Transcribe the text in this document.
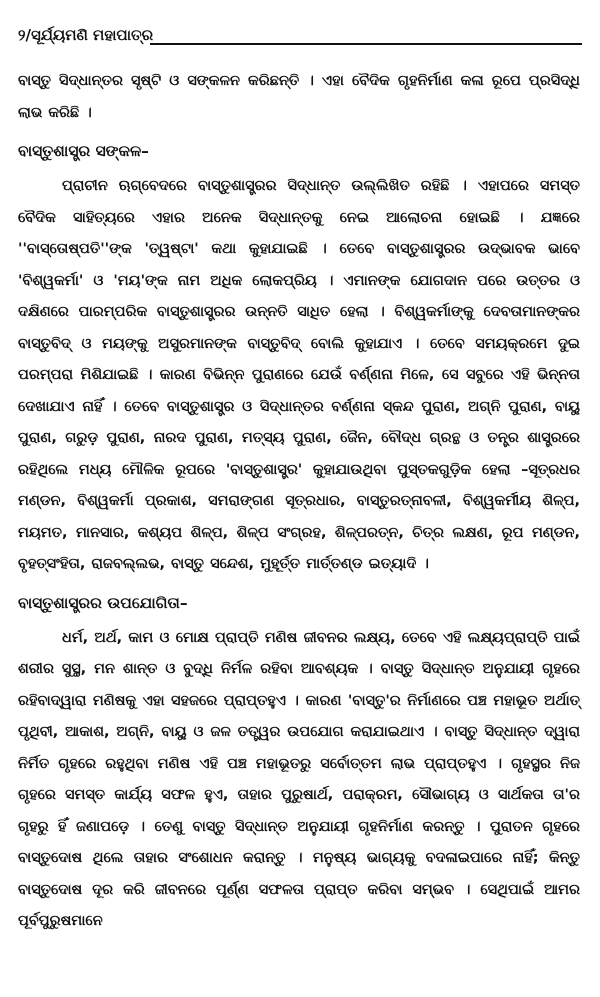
୨/ସୂର୍ଯ୍ୟମଣି ମହାପାତ୍ର

ବାସ୍ତୁ ସିଦ୍ଧାନ୍ତର ସୃଷ୍ଟି ଓ ସଙ୍କଳନ କରିଛନ୍ତି । ଏହା ବୈଦିକ ଗୃହନିର୍ମାଣ କଳା ରୂପେ ପ୍ରସିଦ୍ଧି ଲାଭ କରିଛି ।

ବାସ୍ତୁଶାସ୍ତ୍ର ସଙ୍କଳ–

ପ୍ରାଚୀନ ଋଗ୍‌ବେଦରେ ବାସ୍ତୁଶାସ୍ତ୍ରର ସିଦ୍ଧାନ୍ତ ଉଲ୍ଲିଖିତ ରହିଛି । ଏହାପରେ ସମସ୍ତ ବୈଦିକ ସାହିତ୍ୟରେ ଏହାର ଅନେକ ସିଦ୍ଧାନ୍ତକୁ ନେଇ ଆଲୋଚନା ହୋଇଛି । ଯଜ୍ଞରେ ''ବାସ୍ତୋଷ୍ପତି''ଙ୍କ 'ତ୍ୱଷ୍ଟା' କଥା କୁହାଯାଇଛି । ତେବେ ବାସ୍ତୁଶାସ୍ତ୍ରର ଉଦ୍‌ଭାବକ ଭାବେ 'ବିଶ୍ୱକର୍ମା' ଓ 'ମୟ'ଙ୍କ ନାମ ଅଧିକ ଲୋକପ୍ରିୟ । ଏମାନଙ୍କ ଯୋଗଦାନ ପରେ ଉତ୍ତର ଓ ଦକ୍ଷିଣରେ ପାରମ୍ପରିକ ବାସ୍ତୁଶାସ୍ତ୍ରର ଉନ୍ନତି ସାଧିତ ହେଲା । ବିଶ୍ୱକର୍ମାଙ୍କୁ ଦେବତାମାନଙ୍କର ବାସ୍ତୁବିଦ୍ ଓ ମୟଙ୍କୁ ଅସୁରମାନଙ୍କ ବାସ୍ତୁବିଦ୍ ବୋଲି କୁହାଯାଏ । ତେବେ ସମୟକ୍ରମେ ଦୁଇ ପରମ୍ପରା ମିଶିଯାଇଛି । କାରଣ ବିଭିନ୍ନ ପୁରାଣରେ ଯେଉଁ ବର୍ଣ୍ଣନା ମିଳେ, ସେ ସବୁରେ ଏହି ଭିନ୍ନତା ଦେଖାଯାଏ ନାହିଁ । ତେବେ ବାସ୍ତୁଶାସ୍ତ୍ର ଓ ସିଦ୍ଧାନ୍ତର ବର୍ଣ୍ଣନା ସ୍କନ୍ଦ ପୁରାଣ, ଅଗ୍ନି ପୁରାଣ, ବାୟୁ ପୁରାଣ, ଗରୁଡ଼ ପୁରାଣ, ନାରଦ ପୁରାଣ, ମତ୍ସ୍ୟ ପୁରାଣ, ଜୈନ, ବୌଦ୍ଧ ଗ୍ରନ୍ଥ ଓ ତନ୍ତ୍ର ଶାସ୍ତ୍ରରେ ରହିଥିଲେ ମଧ୍ୟ ମୌଳିକ ରୂପରେ 'ବାସ୍ତୁଶାସ୍ତ୍ର' କୁହାଯାଉଥିବା ପୁସ୍ତକଗୁଡ଼ିକ ହେଲା –ସୂତ୍ରଧର ମଣ୍ଡନ, ବିଶ୍ୱକର୍ମା ପ୍ରକାଶ, ସମରାଙ୍ଗଣ ସୂତ୍ରଧାର, ବାସ୍ତୁରତ୍ନାବଳୀ, ବିଶ୍ୱକର୍ମୀୟ ଶିଳ୍ପ, ମୟମତ, ମାନସାର, କଶ୍ୟପ ଶିଳ୍ପ, ଶିଳ୍ପ ସଂଗ୍ରହ, ଶିଳ୍ପରତ୍ନ, ଚିତ୍ର ଲକ୍ଷଣ, ରୂପ ମଣ୍ଡନ, ବୃହତ୍‌ସଂହିତା, ରାଜବଲ୍ଲଭ, ବାସ୍ତୁ ସନ୍ଦେଶ, ମୁହୂର୍ତ୍ତ ମାର୍ତ୍ତଣ୍ଡ ଇତ୍ୟାଦି ।

ବାସ୍ତୁଶାସ୍ତ୍ରର ଉପଯୋଗିତା–

ଧର୍ମ, ଅର୍ଥ, କାମ ଓ ମୋକ୍ଷ ପ୍ରାପ୍ତି ମଣିଷ ଜୀବନର ଲକ୍ଷ୍ୟ, ତେବେ ଏହି ଲକ୍ଷ୍ୟପ୍ରାପ୍ତି ପାଇଁ ଶରୀର ସୁସ୍ଥ, ମନ ଶାନ୍ତ ଓ ବୁଦ୍ଧି ନିର୍ମଳ ରହିବା ଆବଶ୍ୟକ । ବାସ୍ତୁ ସିଦ୍ଧାନ୍ତ ଅନୁଯାୟୀ ଗୃହରେ ରହିବାଦ୍ୱାରା ମଣିଷକୁ ଏହା ସହଜରେ ପ୍ରାପ୍ତହୁଏ । କାରଣ 'ବାସ୍ତୁ'ର ନିର୍ମାଣରେ ପଞ୍ଚ ମହାଭୂତ ଅର୍ଥାତ୍ ପୃଥିବୀ, ଆକାଶ, ଅଗ୍ନି, ବାୟୁ ଓ ଜଳ ତତ୍ତ୍ୱର ଉପଯୋଗ କରାଯାଇଥାଏ । ବାସ୍ତୁ ସିଦ୍ଧାନ୍ତ ଦ୍ୱାରା ନିର୍ମିତ ଗୃହରେ ରହୁଥିବା ମଣିଷ ଏହି ପଞ୍ଚ ମହାଭୂତରୁ ସର୍ବୋତ୍ତମ ଲାଭ ପ୍ରାପ୍ତହୁଏ । ଗୃହସ୍ଥର ନିଜ ଗୃହରେ ସମସ୍ତ କାର୍ଯ୍ୟ ସଫଳ ହୁଏ, ତାହାର ପୁରୁଷାର୍ଥ, ପରାକ୍ରମ, ସୌଭାଗ୍ୟ ଓ ସାର୍ଥକତା ତା'ର ଗୃହରୁ ହିଁ ଜଣାପଡ଼େ । ତେଣୁ ବାସ୍ତୁ ସିଦ୍ଧାନ୍ତ ଅନୁଯାୟୀ ଗୃହନିର୍ମାଣ କରନ୍ତୁ । ପୁରାତନ ଗୃହରେ ବାସ୍ତୁଦୋଷ ଥିଲେ ତାହାର ସଂଶୋଧନ କରାନ୍ତୁ । ମନୁଷ୍ୟ ଭାଗ୍ୟକୁ ବଦଳାଇପାରେ ନାହିଁ; କିନ୍ତୁ ବାସ୍ତୁଦୋଷ ଦୂର କରି ଜୀବନରେ ପୂର୍ଣ୍ଣ ସଫଳତା ପ୍ରାପ୍ତ କରିବା ସମ୍ଭବ । ସେଥିପାଇଁ ଆମର ପୂର୍ବପୁରୁଷମାନେ
